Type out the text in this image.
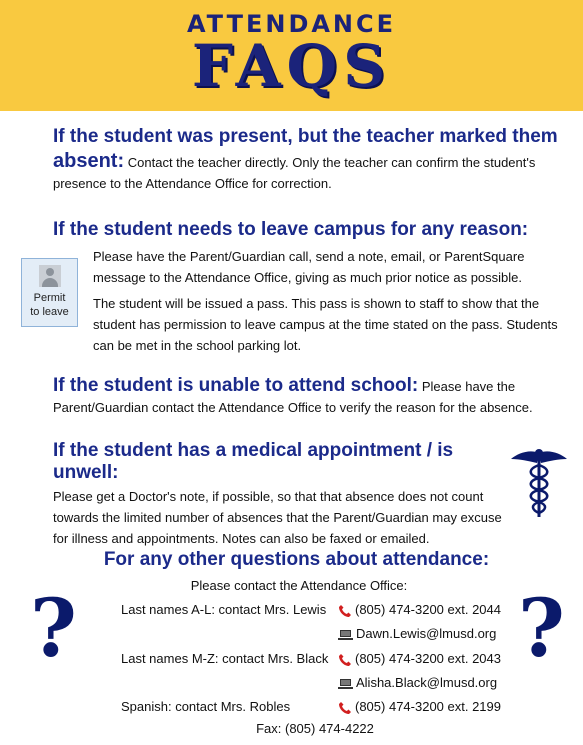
ATTENDANCE
FAQS

If the student was present, but the teacher marked them

absent: Contact the teacher directly. Only the teacher can confirm the student's presence to the Attendance Office for correction.

If the student needs to leave campus for any reason:

Please have the Parent/Guardian call, send a note, email, or ParentSquare message to the Attendance Office, giving as much prior notice as possible.

The student will be issued a pass. This pass is shown to staff to show that the student has permission to leave campus at the time stated on the pass. Students can be met in the school parking lot.

Permit
to leave

If the student is unable to attend school: Please have the Parent/Guardian contact the Attendance Office to verify the reason for the absence.

If the student has a medical appointment / is unwell:

Please get a Doctor's note, if possible, so that that absence does not count towards the limited number of absences that the Parent/Guardian may excuse for illness and appointments. Notes can also be faxed or emailed.

For any other questions about attendance:
Please contact the Attendance Office:
?	?
Last names A-L: contact Mrs. Lewis	(805) 474-3200 ext. 2044
Dawn.Lewis@lmusd.org
Last names M-Z: contact Mrs. Black	(805) 474-3200 ext. 2043
Alisha.Black@lmusd.org
Spanish: contact Mrs. Robles	(805) 474-3200 ext. 2199
Fax: (805) 474-4222
